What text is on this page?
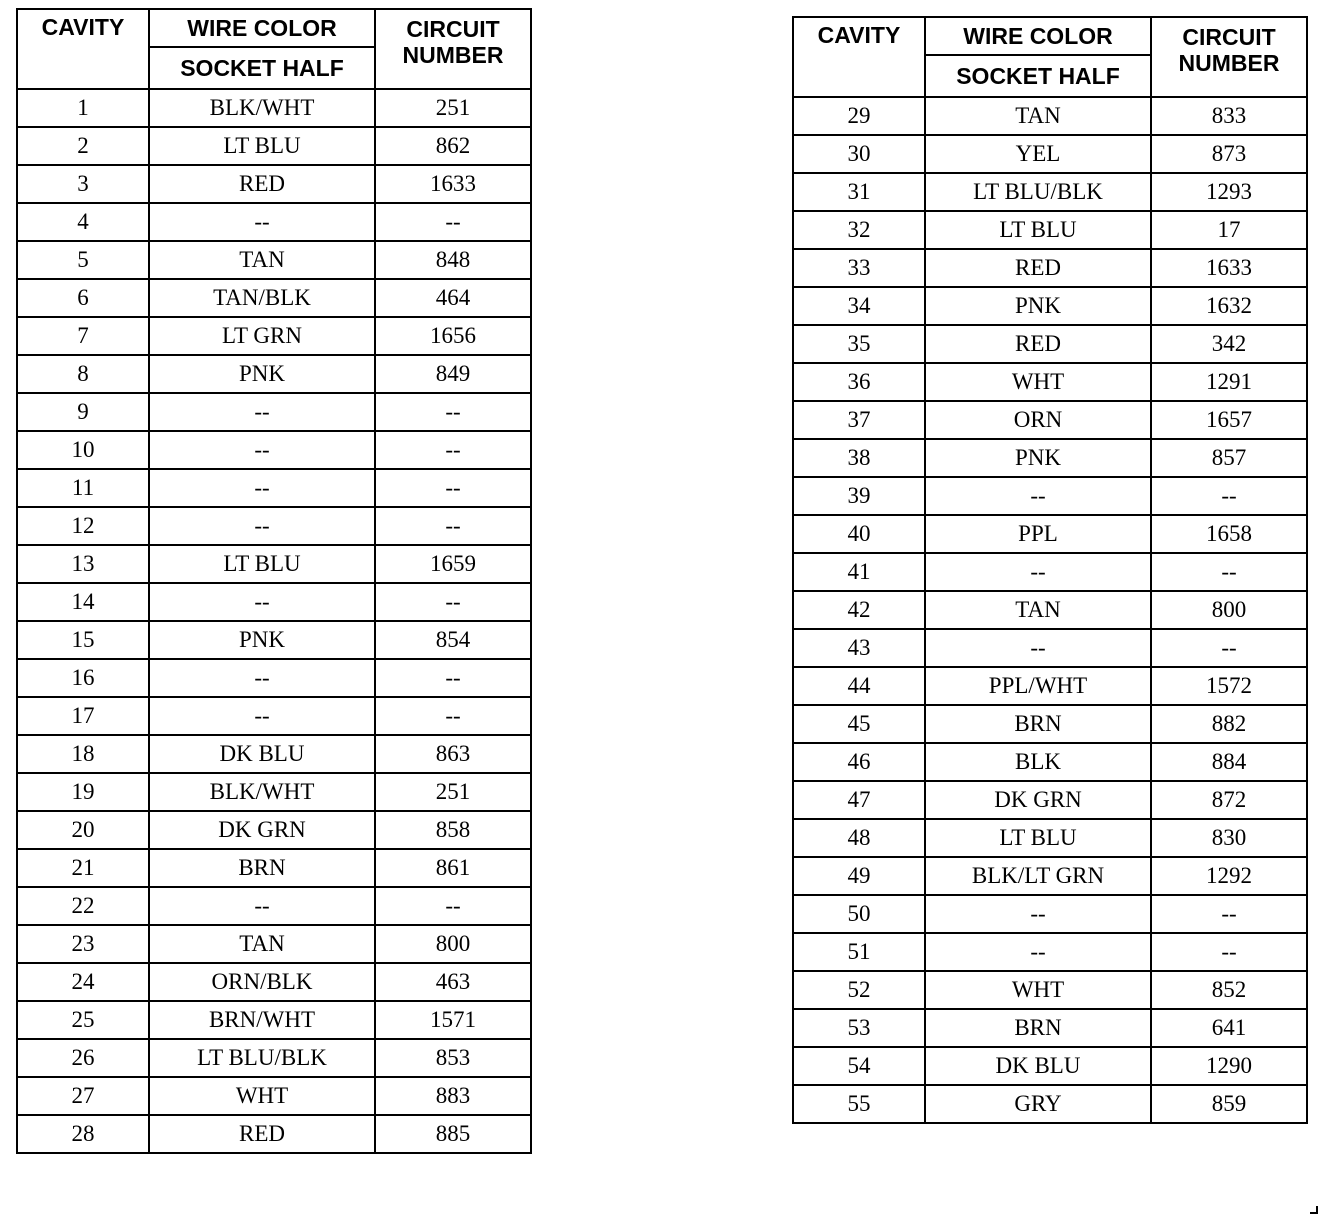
CAVITY	WIRE COLOR	CIRCUIT NUMBER
	SOCKET HALF	
1	BLK/WHT	251
2	LT BLU	862
3	RED	1633
4	--	--
5	TAN	848
6	TAN/BLK	464
7	LT GRN	1656
8	PNK	849
9	--	--
10	--	--
11	--	--
12	--	--
13	LT BLU	1659
14	--	--
15	PNK	854
16	--	--
17	--	--
18	DK BLU	863
19	BLK/WHT	251
20	DK GRN	858
21	BRN	861
22	--	--
23	TAN	800
24	ORN/BLK	463
25	BRN/WHT	1571
26	LT BLU/BLK	853
27	WHT	883
28	RED	885
CAVITY	WIRE COLOR	CIRCUIT NUMBER
	SOCKET HALF	
29	TAN	833
30	YEL	873
31	LT BLU/BLK	1293
32	LT BLU	17
33	RED	1633
34	PNK	1632
35	RED	342
36	WHT	1291
37	ORN	1657
38	PNK	857
39	--	--
40	PPL	1658
41	--	--
42	TAN	800
43	--	--
44	PPL/WHT	1572
45	BRN	882
46	BLK	884
47	DK GRN	872
48	LT BLU	830
49	BLK/LT GRN	1292
50	--	--
51	--	--
52	WHT	852
53	BRN	641
54	DK BLU	1290
55	GRY	859
